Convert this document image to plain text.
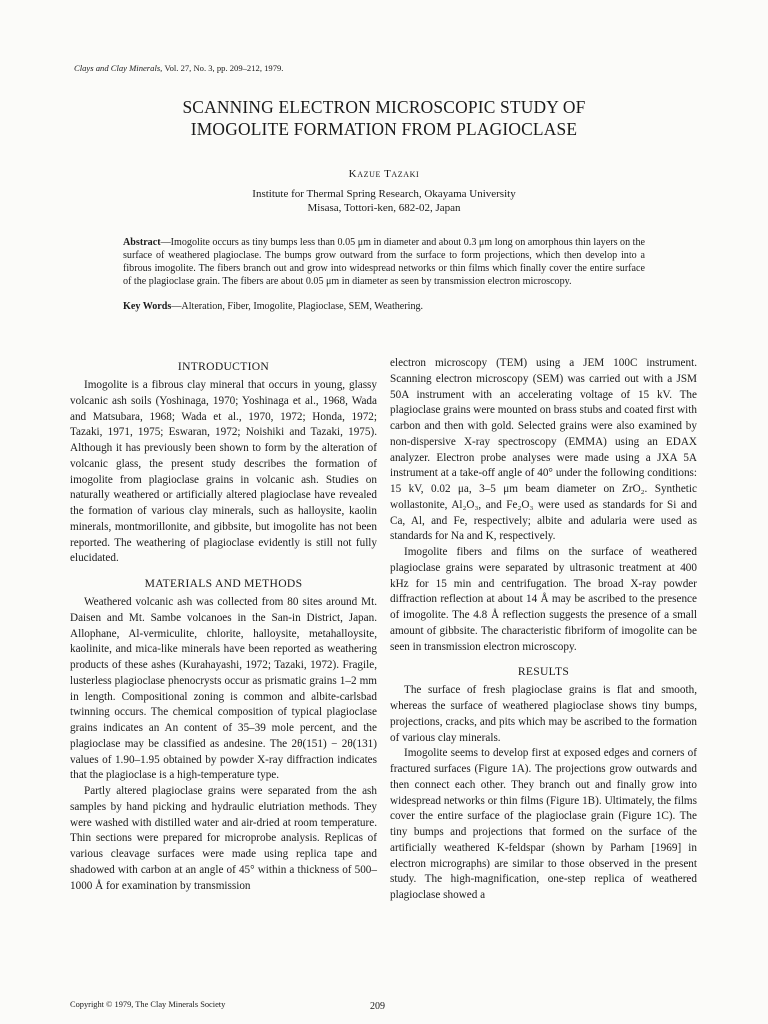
Clays and Clay Minerals, Vol. 27, No. 3, pp. 209–212, 1979.
SCANNING ELECTRON MICROSCOPIC STUDY OF
IMOGOLITE FORMATION FROM PLAGIOCLASE
Kazue Tazaki
Institute for Thermal Spring Research, Okayama University
Misasa, Tottori-ken, 682-02, Japan
Abstract—Imogolite occurs as tiny bumps less than 0.05 μm in diameter and about 0.3 μm long on amorphous thin layers on the surface of weathered plagioclase. The bumps grow outward from the surface to form projections, which then develop into a fibrous imogolite. The fibers branch out and grow into widespread networks or thin films which finally cover the entire surface of the plagioclase grain. The fibers are about 0.05 μm in diameter as seen by transmission electron microscopy.
Key Words—Alteration, Fiber, Imogolite, Plagioclase, SEM, Weathering.
INTRODUCTION

Imogolite is a fibrous clay mineral that occurs in young, glassy volcanic ash soils (Yoshinaga, 1970; Yoshinaga et al., 1968, Wada and Matsubara, 1968; Wada et al., 1970, 1972; Honda, 1972; Tazaki, 1971, 1975; Eswaran, 1972; Noishiki and Tazaki, 1975). Although it has previously been shown to form by the alteration of volcanic glass, the present study describes the formation of imogolite from plagioclase grains in volcanic ash. Studies on naturally weathered or artificially altered plagioclase have revealed the formation of various clay minerals, such as halloysite, kaolin minerals, montmorillonite, and gibbsite, but imogolite has not been reported. The weathering of plagioclase evidently is still not fully elucidated.

MATERIALS AND METHODS

Weathered volcanic ash was collected from 80 sites around Mt. Daisen and Mt. Sambe volcanoes in the San-in District, Japan. Allophane, Al-vermiculite, chlorite, halloysite, metahalloysite, kaolinite, and mica-like minerals have been reported as weathering products of these ashes (Kurahayashi, 1972; Tazaki, 1972). Fragile, lusterless plagioclase phenocrysts occur as prismatic grains 1–2 mm in length. Compositional zoning is common and albite-carlsbad twinning occurs. The chemical composition of typical plagioclase grains indicates an An content of 35–39 mole percent, and the plagioclase may be classified as andesine. The 2θ(151) − 2θ(131) values of 1.90–1.95 obtained by powder X-ray diffraction indicates that the plagioclase is a high-temperature type.

Partly altered plagioclase grains were separated from the ash samples by hand picking and hydraulic elutriation methods. They were washed with distilled water and air-dried at room temperature. Thin sections were prepared for microprobe analysis. Replicas of various cleavage surfaces were made using replica tape and shadowed with carbon at an angle of 45° within a thickness of 500–1000 Å for examination by transmission

electron microscopy (TEM) using a JEM 100C instrument. Scanning electron microscopy (SEM) was carried out with a JSM 50A instrument with an accelerating voltage of 15 kV. The plagioclase grains were mounted on brass stubs and coated first with carbon and then with gold. Selected grains were also examined by non-dispersive X-ray spectroscopy (EMMA) using an EDAX analyzer. Electron probe analyses were made using a JXA 5A instrument at a take-off angle of 40° under the following conditions: 15 kV, 0.02 μa, 3–5 μm beam diameter on ZrO₂. Synthetic wollastonite, Al₂O₃, and Fe₂O₃ were used as standards for Si and Ca, Al, and Fe, respectively; albite and adularia were used as standards for Na and K, respectively.

Imogolite fibers and films on the surface of weathered plagioclase grains were separated by ultrasonic treatment at 400 kHz for 15 min and centrifugation. The broad X-ray powder diffraction reflection at about 14 Å may be ascribed to the presence of imogolite. The 4.8 Å reflection suggests the presence of a small amount of gibbsite. The characteristic fibriform of imogolite can be seen in transmission electron microscopy.

RESULTS

The surface of fresh plagioclase grains is flat and smooth, whereas the surface of weathered plagioclase shows tiny bumps, projections, cracks, and pits which may be ascribed to the formation of various clay minerals.

Imogolite seems to develop first at exposed edges and corners of fractured surfaces (Figure 1A). The projections grow outwards and then connect each other. They branch out and finally grow into widespread networks or thin films (Figure 1B). Ultimately, the films cover the entire surface of the plagioclase grain (Figure 1C). The tiny bumps and projections that formed on the surface of the artificially weathered K-feldspar (shown by Parham [1969] in electron micrographs) are similar to those observed in the present study. The high-magnification, one-step replica of weathered plagioclase showed a

Copyright © 1979, The Clay Minerals Society	209
